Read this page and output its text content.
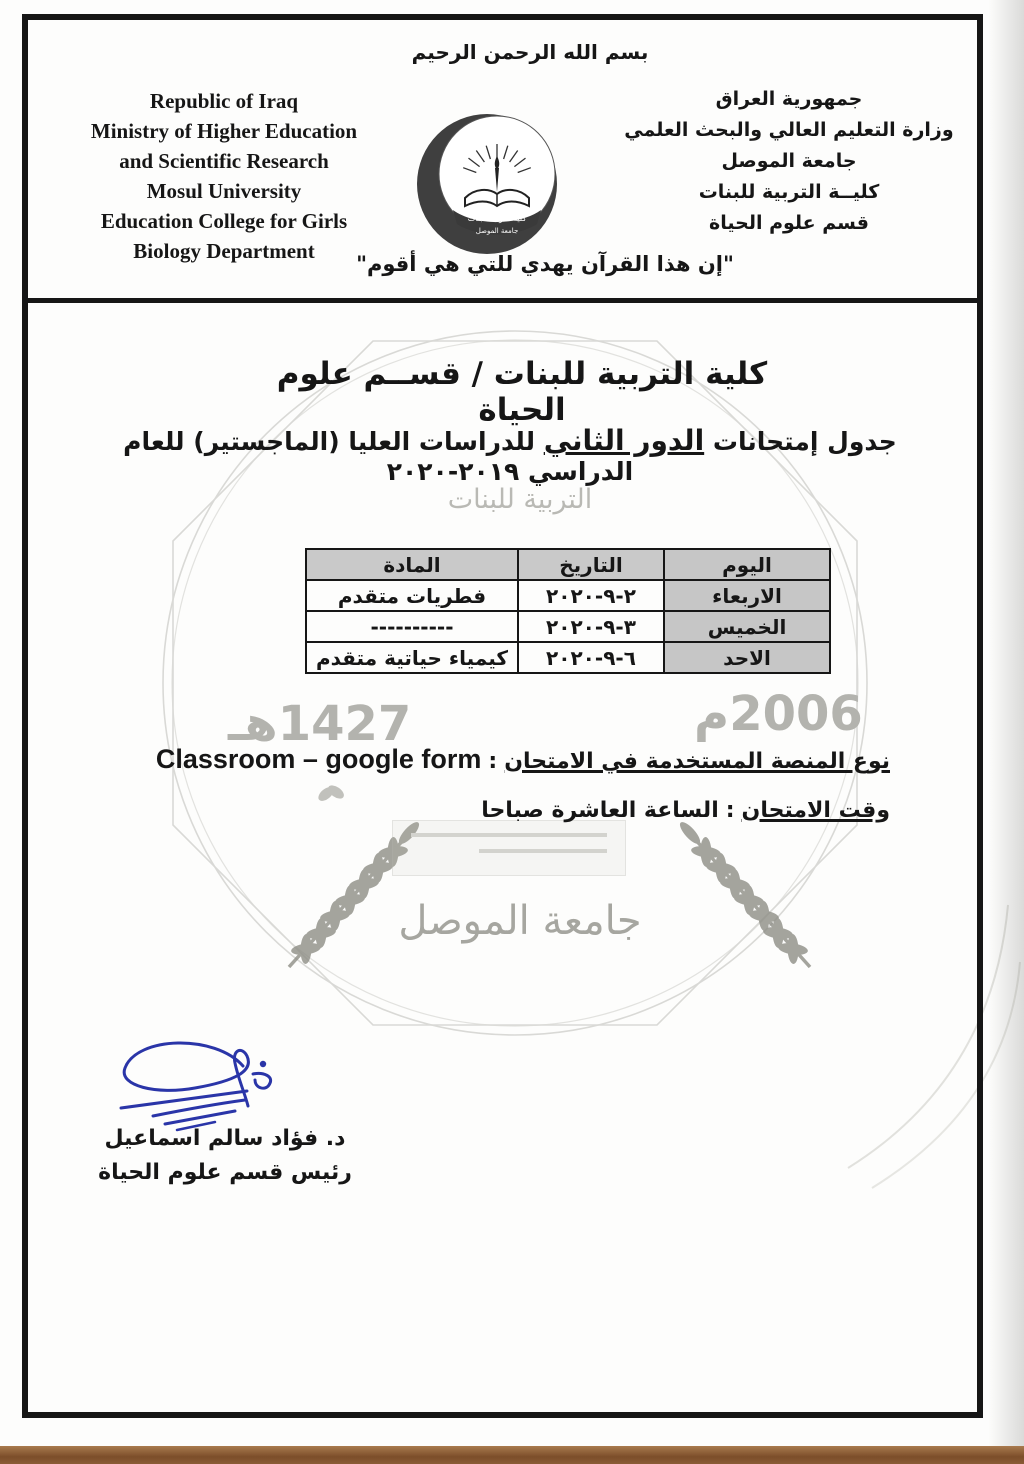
التربية للبنات
1427هـ	2006م
جامعة الموصل
بسم الله الرحمن الرحيم
Republic of Iraq
Ministry of Higher Education
and Scientific Research
Mosul University
Education College for Girls
Biology Department
جمهورية العراق
وزارة التعليم العالي والبحث العلمي
جامعة الموصل
كليــة التربية للبنات
قسم علوم الحياة
كلية التربية للبنات
جامعة الموصل
"إن هذا القرآن يهدي للتي هي أقوم"
كلية التربية للبنات / قســم علوم الحياة
جدول إمتحانات الدور الثاني للدراسات العليا (الماجستير) للعام الدراسي ٢٠١٩-٢٠٢٠
اليوم	التاريخ	المادة
الاربعاء	٢-٩-٢٠٢٠	فطريات متقدم
الخميس	٣-٩-٢٠٢٠	----------
الاحد	٦-٩-٢٠٢٠	كيمياء حياتية متقدم
نوع المنصة المستخدمة في الامتحان:Classroom – google form
وقت الامتحان:الساعة العاشرة صباحا
د. فؤاد سالم اسماعيل
رئيس قسم علوم الحياة
